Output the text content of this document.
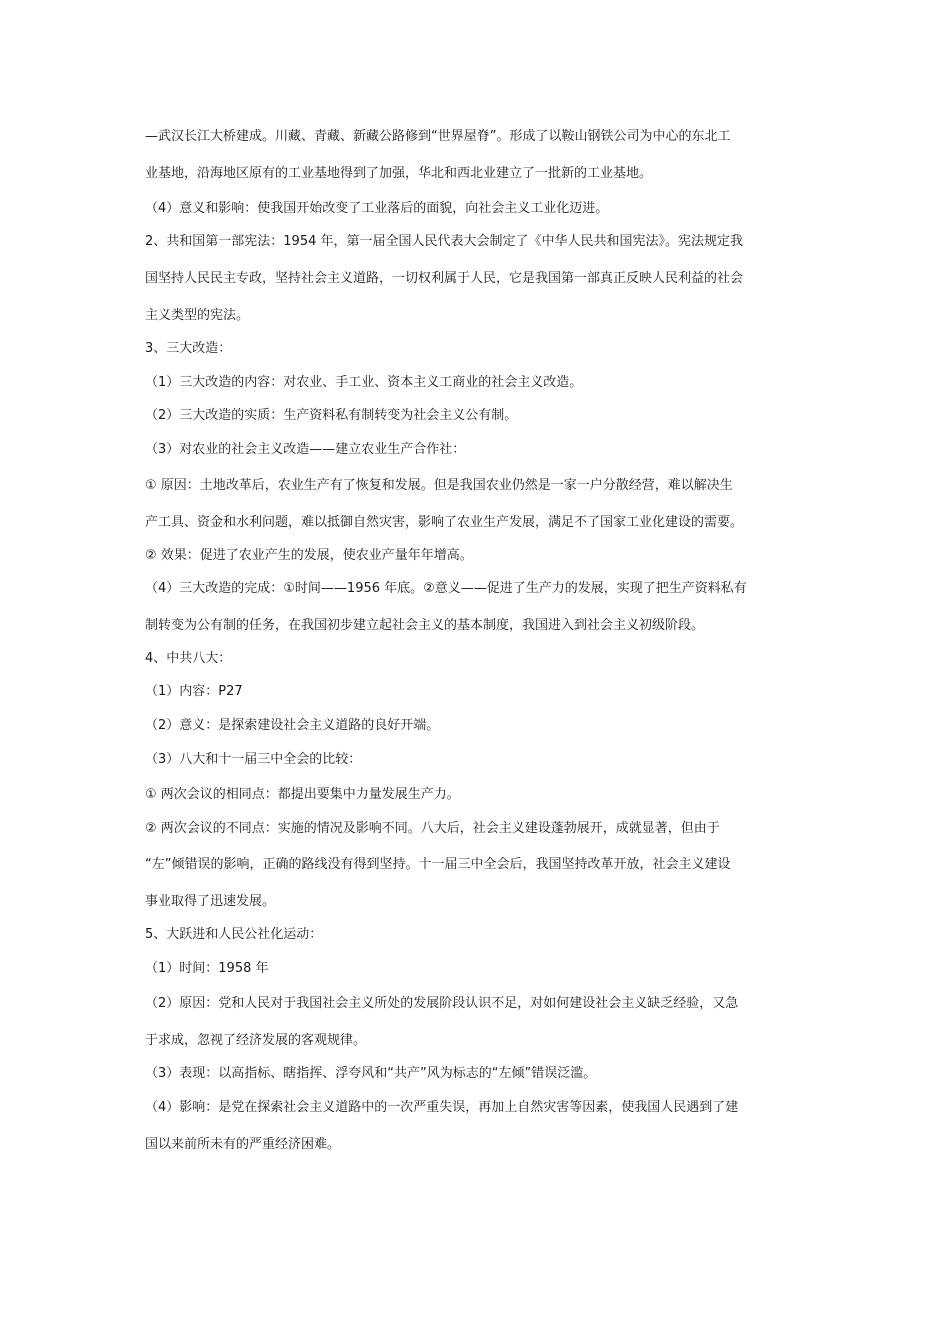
—武汉长江大桥建成。川藏、青藏、新藏公路修到“世界屋脊”。形成了以鞍山钢铁公司为中心的东北工
业基地，沿海地区原有的工业基地得到了加强，华北和西北业建立了一批新的工业基地。
（4）意义和影响：使我国开始改变了工业落后的面貌，向社会主义工业化迈进。
2、共和国第一部宪法：1954 年，第一届全国人民代表大会制定了《中华人民共和国宪法》。宪法规定我
国坚持人民民主专政，坚持社会主义道路，一切权利属于人民，它是我国第一部真正反映人民利益的社会
主义类型的宪法。
3、三大改造：
（1）三大改造的内容：对农业、手工业、资本主义工商业的社会主义改造。
（2）三大改造的实质：生产资料私有制转变为社会主义公有制。
（3）对农业的社会主义改造——建立农业生产合作社：
① 原因：土地改革后，农业生产有了恢复和发展。但是我国农业仍然是一家一户分散经营，难以解决生
产工具、资金和水利问题，难以抵御自然灾害，影响了农业生产发展，满足不了国家工业化建设的需要。
② 效果：促进了农业产生的发展，使农业产量年年增高。
（4）三大改造的完成：①时间——1956 年底。②意义——促进了生产力的发展，实现了把生产资料私有
制转变为公有制的任务，在我国初步建立起社会主义的基本制度，我国进入到社会主义初级阶段。
4、中共八大：
（1）内容：P27
（2）意义：是探索建设社会主义道路的良好开端。
（3）八大和十一届三中全会的比较：
① 两次会议的相同点：都提出要集中力量发展生产力。
② 两次会议的不同点：实施的情况及影响不同。八大后，社会主义建设蓬勃展开，成就显著，但由于
“左”倾错误的影响，正确的路线没有得到坚持。十一届三中全会后，我国坚持改革开放，社会主义建设
事业取得了迅速发展。
5、大跃进和人民公社化运动：
（1）时间：1958 年
（2）原因：党和人民对于我国社会主义所处的发展阶段认识不足，对如何建设社会主义缺乏经验，又急
于求成，忽视了经济发展的客观规律。
（3）表现：以高指标、瞎指挥、浮夸风和“共产”风为标志的“左倾”错误泛滥。
（4）影响：是党在探索社会主义道路中的一次严重失误，再加上自然灾害等因素，使我国人民遇到了建
国以来前所未有的严重经济困难。
